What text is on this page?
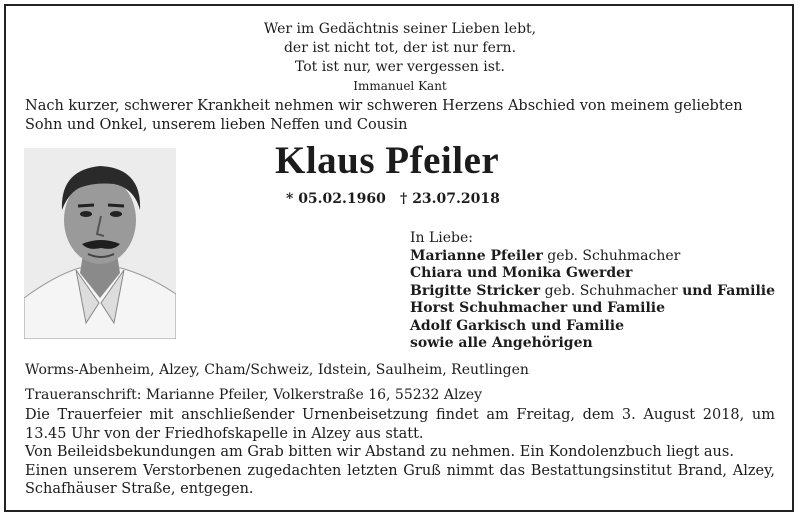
Wer im Gedächtnis seiner Lieben lebt,
der ist nicht tot, der ist nur fern.
Tot ist nur, wer vergessen ist.
Immanuel Kant
Nach kurzer, schwerer Krankheit nehmen wir schweren Herzens Abschied von meinem geliebten Sohn und Onkel, unserem lieben Neffen und Cousin
Klaus Pfeiler
* 05.02.1960 † 23.07.2018
In Liebe:
Marianne Pfeiler geb. Schuhmacher
Chiara und Monika Gwerder
Brigitte Stricker geb. Schuhmacher und Familie
Horst Schuhmacher und Familie
Adolf Garkisch und Familie
sowie alle Angehörigen
Worms-Abenheim, Alzey, Cham/Schweiz, Idstein, Saulheim, Reutlingen
Traueranschrift: Marianne Pfeiler, Volkerstraße 16, 55232 Alzey

Die Trauerfeier mit anschließender Urnenbeisetzung findet am Freitag, dem 3. August 2018, um 13.45 Uhr von der Friedhofskapelle in Alzey aus statt.

Von Beileidsbekundungen am Grab bitten wir Abstand zu nehmen. Ein Kondolenzbuch liegt aus.

Einen unserem Verstorbenen zugedachten letzten Gruß nimmt das Bestattungsinstitut Brand, Alzey, Schafhäuser Straße, entgegen.
